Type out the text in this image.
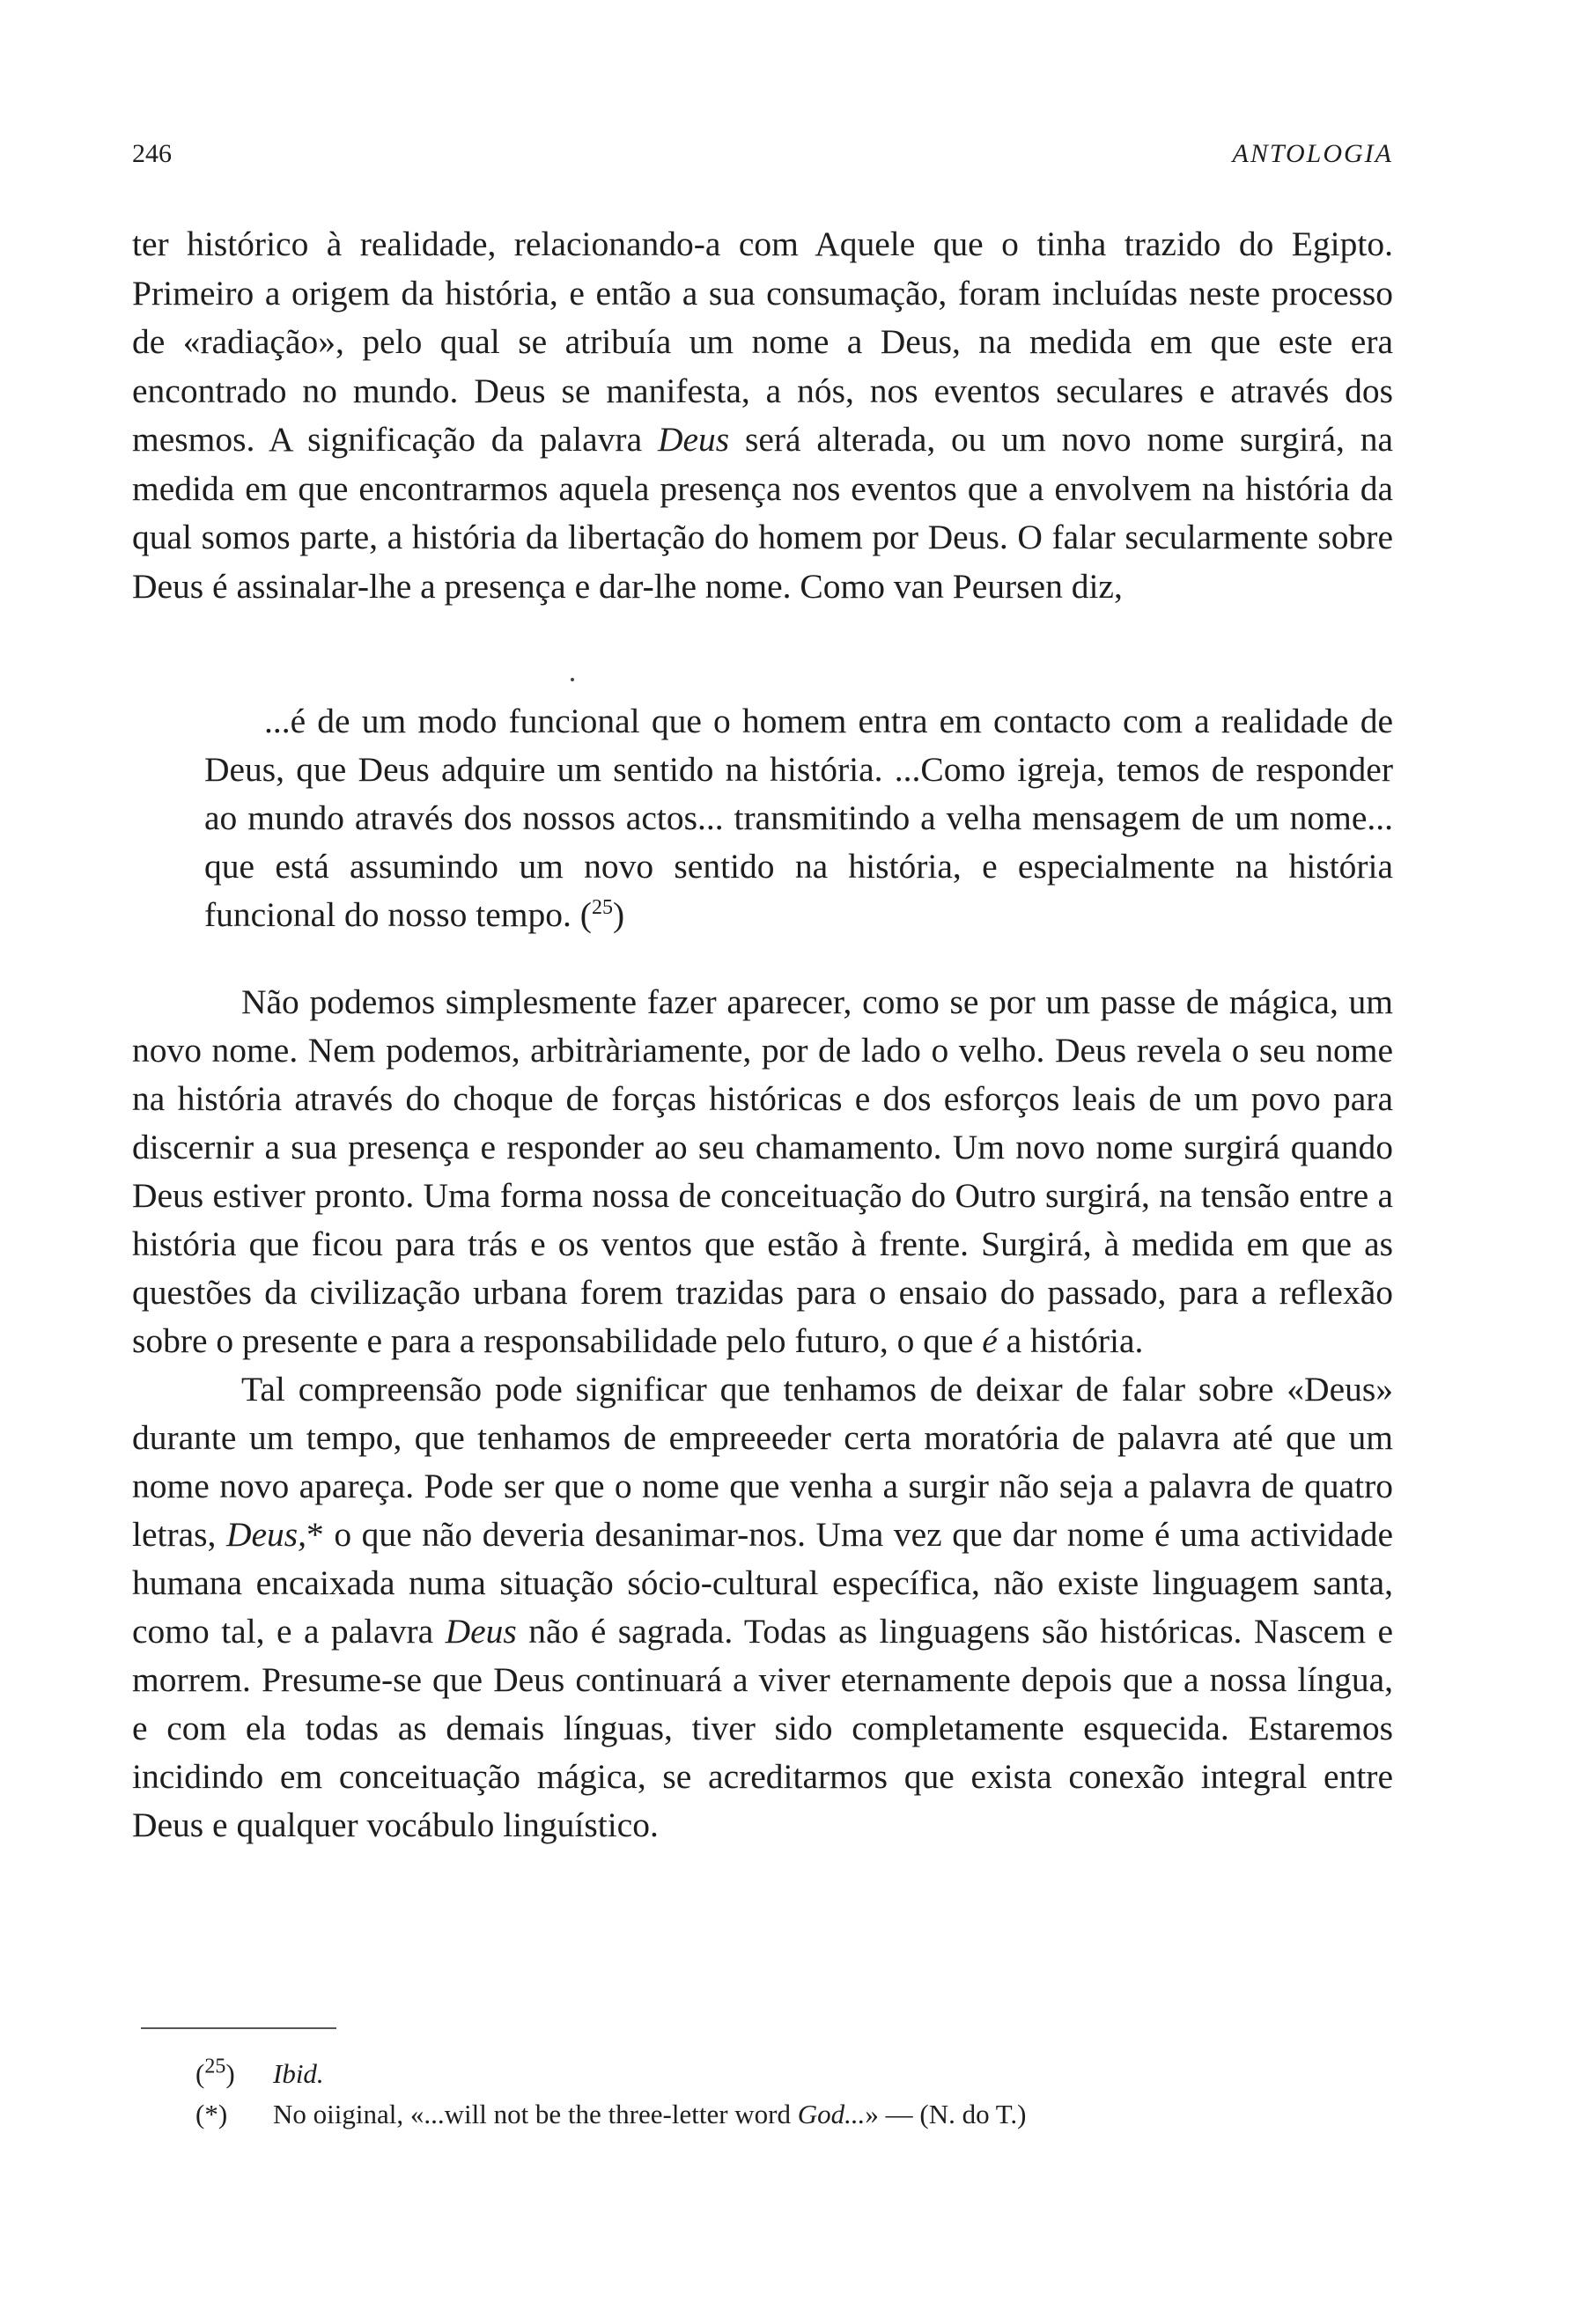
246	ANTOLOGIA

ter histórico à realidade, relacionando-a com Aquele que o tinha trazido do Egipto. Primeiro a origem da história, e então a sua consumação, foram incluídas neste processo de «radiação», pelo qual se atribuía um nome a Deus, na medida em que este era encontrado no mundo. Deus se manifesta, a nós, nos eventos seculares e através dos mesmos. A significação da palavra Deus será alterada, ou um novo nome surgirá, na medida em que encontrarmos aquela presença nos eventos que a envolvem na história da qual somos parte, a história da libertação do homem por Deus. O falar secularmente sobre Deus é assinalar-lhe a presença e dar-lhe nome. Como van Peursen diz,

...é de um modo funcional que o homem entra em contacto com a realidade de Deus, que Deus adquire um sentido na história. ...Como igreja, temos de responder ao mundo através dos nossos actos... transmitindo a velha mensagem de um nome... que está assumindo um novo sentido na história, e especialmente na história funcional do nosso tempo. ($^{25}$)

Não podemos simplesmente fazer aparecer, como se por um passe de mágica, um novo nome. Nem podemos, arbitràriamente, por de lado o velho. Deus revela o seu nome na história através do choque de forças históricas e dos esforços leais de um povo para discernir a sua presença e responder ao seu chamamento. Um novo nome surgirá quando Deus estiver pronto. Uma forma nossa de conceituação do Outro surgirá, na tensão entre a história que ficou para trás e os ventos que estão à frente. Surgirá, à medida em que as questões da civilização urbana forem trazidas para o ensaio do passado, para a reflexão sobre o presente e para a responsabilidade pelo futuro, o que é a história.

Tal compreensão pode significar que tenhamos de deixar de falar sobre «Deus» durante um tempo, que tenhamos de empreeeder certa moratória de palavra até que um nome novo apareça. Pode ser que o nome que venha a surgir não seja a palavra de quatro letras, Deus,* o que não deveria desanimar-nos. Uma vez que dar nome é uma actividade humana encaixada numa situação sócio-cultural específica, não existe linguagem santa, como tal, e a palavra Deus não é sagrada. Todas as linguagens são históricas. Nascem e morrem. Presume-se que Deus continuará a viver eternamente depois que a nossa língua, e com ela todas as demais línguas, tiver sido completamente esquecida. Estaremos incidindo em conceituação mágica, se acreditarmos que exista conexão integral entre Deus e qualquer vocábulo linguístico.

($^{25}$) Ibid.

(*) No oiiginal, «...will not be the three-letter word God...» — (N. do T.)
